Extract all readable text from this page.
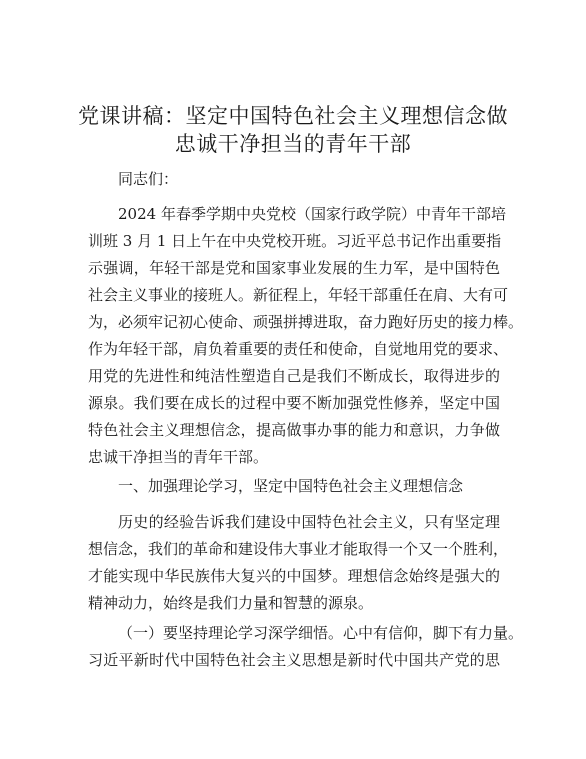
党课讲稿：坚定中国特色社会主义理想信念做
忠诚干净担当的青年干部

同志们：

2024 年春季学期中央党校（国家行政学院）中青年干部培

训班 3 月 1 日上午在中央党校开班。习近平总书记作出重要指

示强调，年轻干部是党和国家事业发展的生力军，是中国特色

社会主义事业的接班人。新征程上，年轻干部重任在肩、大有可

为，必须牢记初心使命、顽强拼搏进取，奋力跑好历史的接力棒。

作为年轻干部，肩负着重要的责任和使命，自觉地用党的要求、

用党的先进性和纯洁性塑造自己是我们不断成长，取得进步的

源泉。我们要在成长的过程中要不断加强党性修养，坚定中国

特色社会主义理想信念，提高做事办事的能力和意识，力争做

忠诚干净担当的青年干部。

一、加强理论学习，坚定中国特色社会主义理想信念

历史的经验告诉我们建设中国特色社会主义，只有坚定理

想信念，我们的革命和建设伟大事业才能取得一个又一个胜利，

才能实现中华民族伟大复兴的中国梦。理想信念始终是强大的

精神动力，始终是我们力量和智慧的源泉。

（一）要坚持理论学习深学细悟。心中有信仰，脚下有力量。

习近平新时代中国特色社会主义思想是新时代中国共产党的思
